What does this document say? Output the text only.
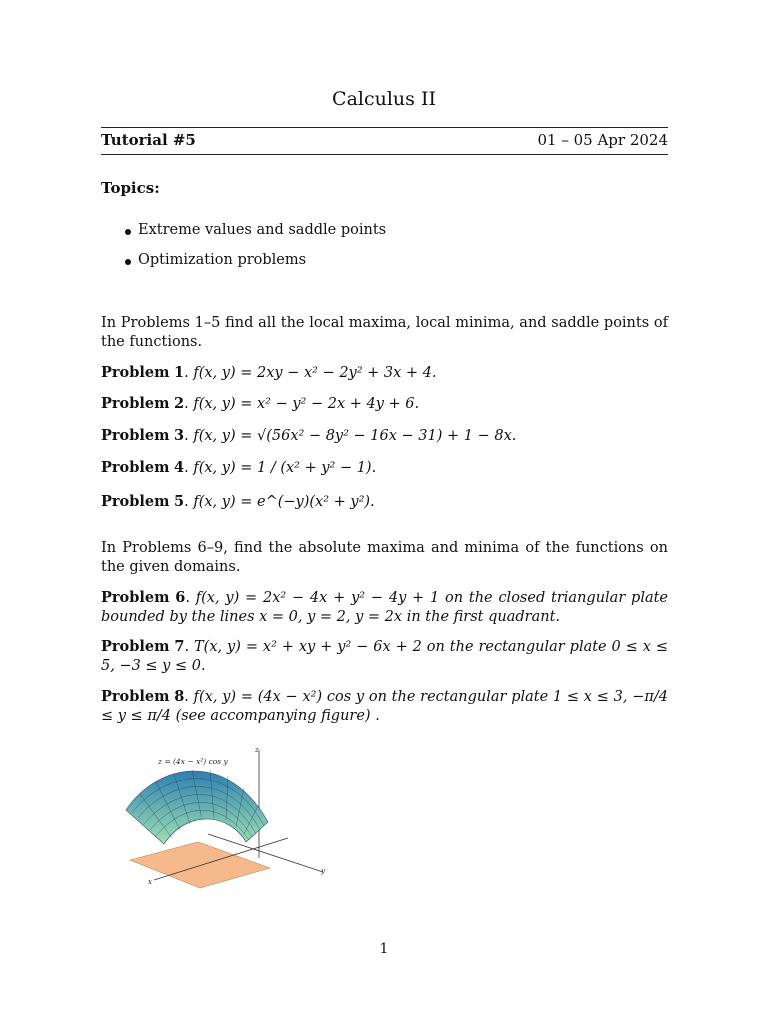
Calculus II
Tutorial #5	01 – 05 Apr 2024
Topics:
Extreme values and saddle points
Optimization problems
In Problems 1–5 find all the local maxima, local minima, and saddle points of the functions.
Problem 1. f(x, y) = 2xy − x² − 2y² + 3x + 4.
Problem 2. f(x, y) = x² − y² − 2x + 4y + 6.
Problem 3. f(x, y) = √(56x² − 8y² − 16x − 31) + 1 − 8x.
Problem 4. f(x, y) = 1 / (x² + y² − 1).
Problem 5. f(x, y) = e^(−y)(x² + y²).
In Problems 6–9, find the absolute maxima and minima of the functions on the given domains.
Problem 6. f(x, y) = 2x² − 4x + y² − 4y + 1 on the closed triangular plate bounded by the lines x = 0, y = 2, y = 2x in the first quadrant.
Problem 7. T(x, y) = x² + xy + y² − 6x + 2 on the rectangular plate 0 ≤ x ≤ 5, −3 ≤ y ≤ 0.
Problem 8. f(x, y) = (4x − x²) cos y on the rectangular plate 1 ≤ x ≤ 3, −π/4 ≤ y ≤ π/4 (see accompanying figure) .
z = (4x − x²) cos y
z
y
x
1
